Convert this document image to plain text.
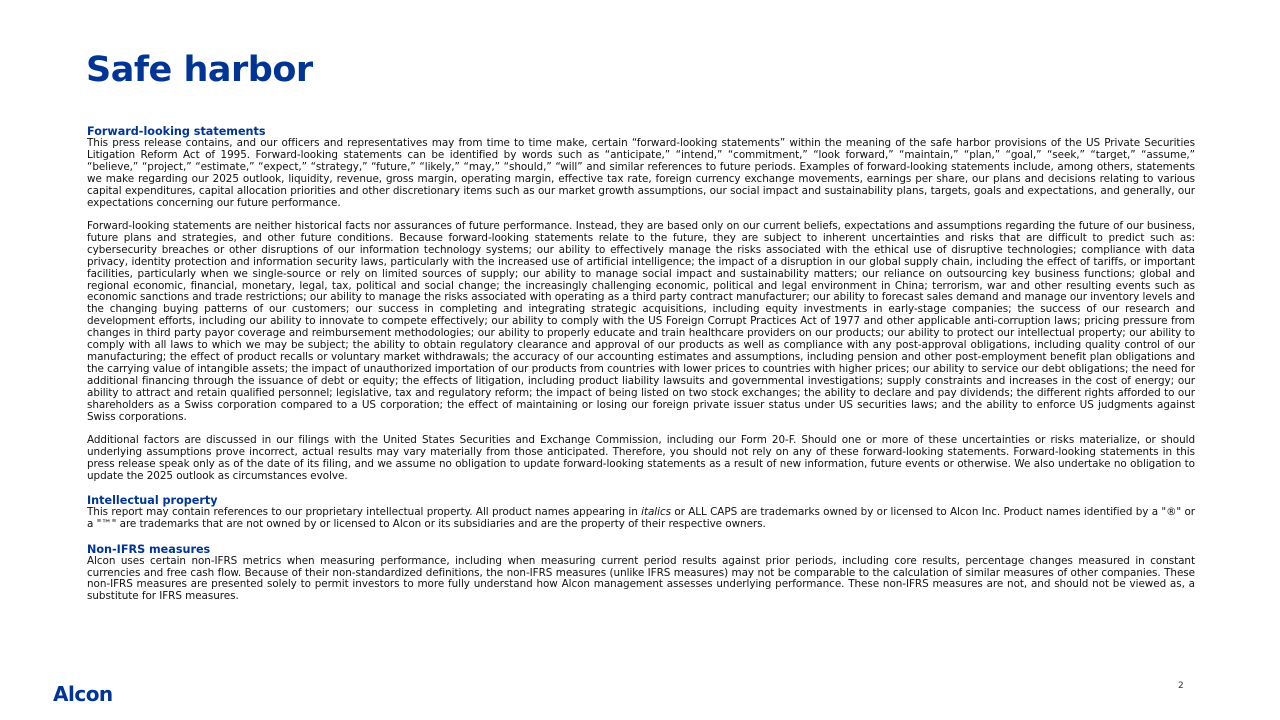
Safe harbor
Forward-looking statements

This press release contains, and our officers and representatives may from time to time make, certain “forward-looking statements” within the meaning of the safe harbor provisions of the US Private Securities Litigation Reform Act of 1995. Forward-looking statements can be identified by words such as “anticipate,” “intend,” “commitment,” “look forward,” “maintain,” “plan,” “goal,” “seek,” “target,” “assume,” “believe,” “project,” “estimate,” “expect,” “strategy,” “future,” “likely,” “may,” “should,” “will” and similar references to future periods. Examples of forward-looking statements include, among others, statements we make regarding our 2025 outlook, liquidity, revenue, gross margin, operating margin, effective tax rate, foreign currency exchange movements, earnings per share, our plans and decisions relating to various capital expenditures, capital allocation priorities and other discretionary items such as our market growth assumptions, our social impact and sustainability plans, targets, goals and expectations, and generally, our expectations concerning our future performance.

Forward-looking statements are neither historical facts nor assurances of future performance. Instead, they are based only on our current beliefs, expectations and assumptions regarding the future of our business, future plans and strategies, and other future conditions. Because forward-looking statements relate to the future, they are subject to inherent uncertainties and risks that are difficult to predict such as: cybersecurity breaches or other disruptions of our information technology systems; our ability to effectively manage the risks associated with the ethical use of disruptive technologies; compliance with data privacy, identity protection and information security laws, particularly with the increased use of artificial intelligence; the impact of a disruption in our global supply chain, including the effect of tariffs, or important facilities, particularly when we single-source or rely on limited sources of supply; our ability to manage social impact and sustainability matters; our reliance on outsourcing key business functions; global and regional economic, financial, monetary, legal, tax, political and social change; the increasingly challenging economic, political and legal environment in China; terrorism, war and other resulting events such as economic sanctions and trade restrictions; our ability to manage the risks associated with operating as a third party contract manufacturer; our ability to forecast sales demand and manage our inventory levels and the changing buying patterns of our customers; our success in completing and integrating strategic acquisitions, including equity investments in early-stage companies; the success of our research and development efforts, including our ability to innovate to compete effectively; our ability to comply with the US Foreign Corrupt Practices Act of 1977 and other applicable anti-corruption laws; pricing pressure from changes in third party payor coverage and reimbursement methodologies; our ability to properly educate and train healthcare providers on our products; our ability to protect our intellectual property; our ability to comply with all laws to which we may be subject; the ability to obtain regulatory clearance and approval of our products as well as compliance with any post-approval obligations, including quality control of our manufacturing; the effect of product recalls or voluntary market withdrawals; the accuracy of our accounting estimates and assumptions, including pension and other post-employment benefit plan obligations and the carrying value of intangible assets; the impact of unauthorized importation of our products from countries with lower prices to countries with higher prices; our ability to service our debt obligations; the need for additional financing through the issuance of debt or equity; the effects of litigation, including product liability lawsuits and governmental investigations; supply constraints and increases in the cost of energy; our ability to attract and retain qualified personnel; legislative, tax and regulatory reform; the impact of being listed on two stock exchanges; the ability to declare and pay dividends; the different rights afforded to our shareholders as a Swiss corporation compared to a US corporation; the effect of maintaining or losing our foreign private issuer status under US securities laws; and the ability to enforce US judgments against Swiss corporations.

Additional factors are discussed in our filings with the United States Securities and Exchange Commission, including our Form 20-F. Should one or more of these uncertainties or risks materialize, or should underlying assumptions prove incorrect, actual results may vary materially from those anticipated. Therefore, you should not rely on any of these forward-looking statements. Forward-looking statements in this press release speak only as of the date of its filing, and we assume no obligation to update forward-looking statements as a result of new information, future events or otherwise. We also undertake no obligation to update the 2025 outlook as circumstances evolve.

Intellectual property

This report may contain references to our proprietary intellectual property. All product names appearing in italics or ALL CAPS are trademarks owned by or licensed to Alcon Inc. Product names identified by a "®" or a "™" are trademarks that are not owned by or licensed to Alcon or its subsidiaries and are the property of their respective owners.

Non-IFRS measures

Alcon uses certain non-IFRS metrics when measuring performance, including when measuring current period results against prior periods, including core results, percentage changes measured in constant currencies and free cash flow. Because of their non-standardized definitions, the non-IFRS measures (unlike IFRS measures) may not be comparable to the calculation of similar measures of other companies. These non-IFRS measures are presented solely to permit investors to more fully understand how Alcon management assesses underlying performance. These non-IFRS measures are not, and should not be viewed as, a substitute for IFRS measures.

Alcon	2
